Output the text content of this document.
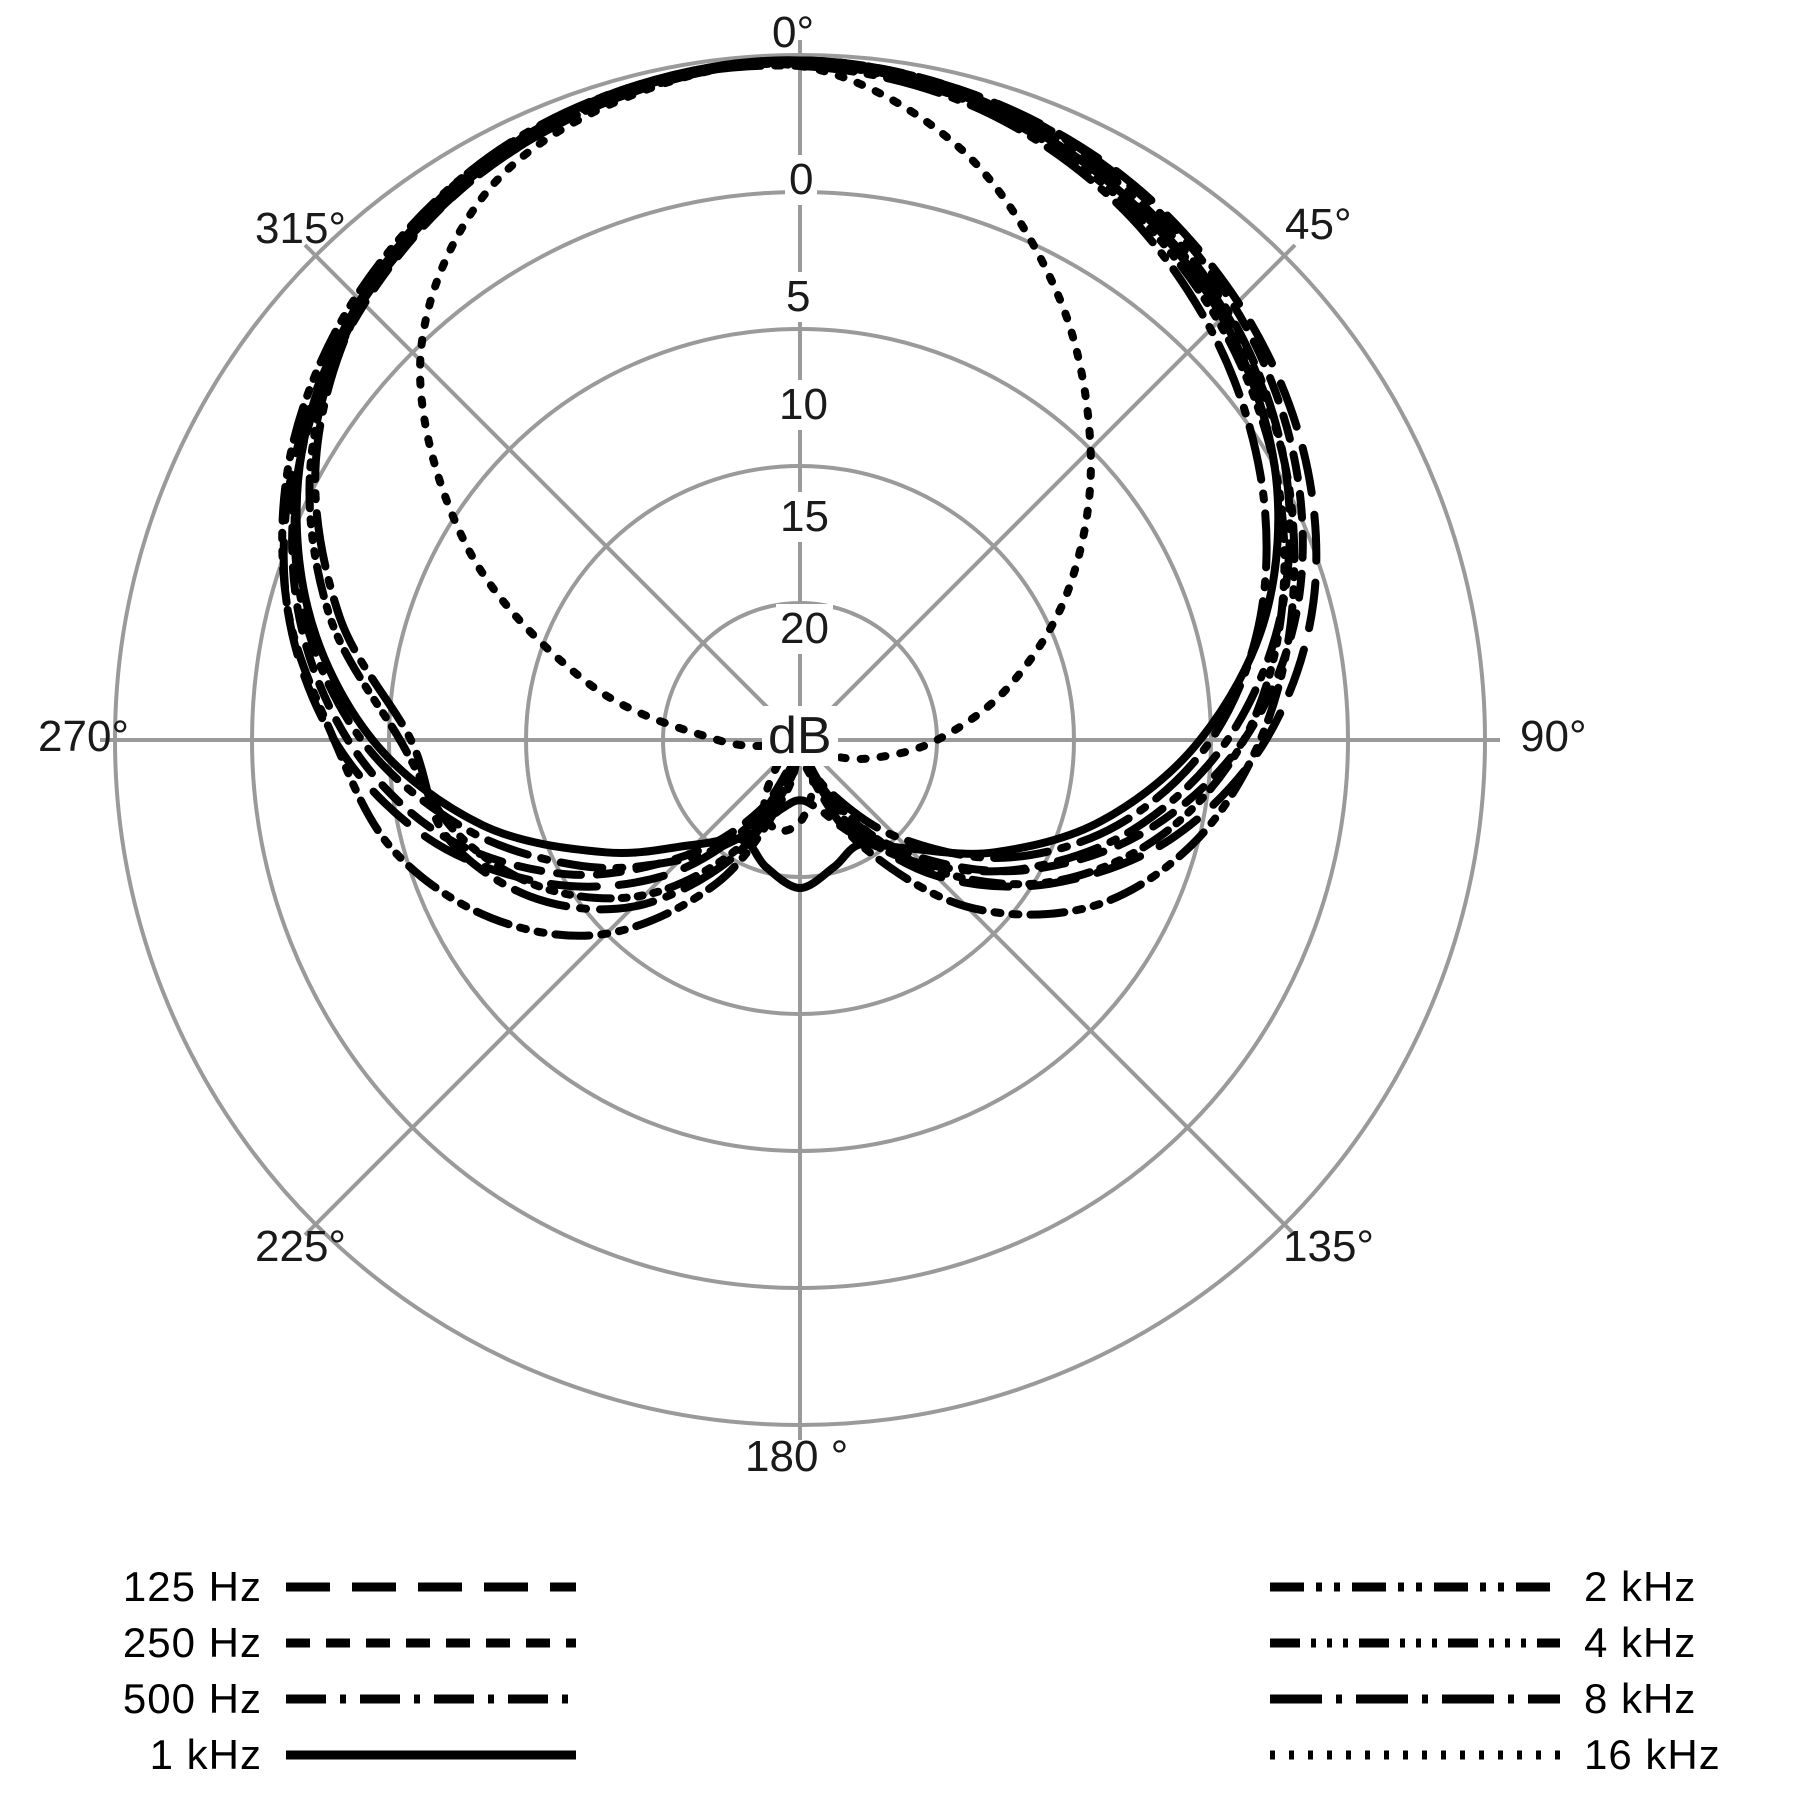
0°
45°
90°
135°
180 °
225°
270°
315°
0
5
10
15
20
dB
125 Hz
250 Hz
500 Hz
1 kHz
2 kHz
4 kHz
8 kHz
16 kHz
